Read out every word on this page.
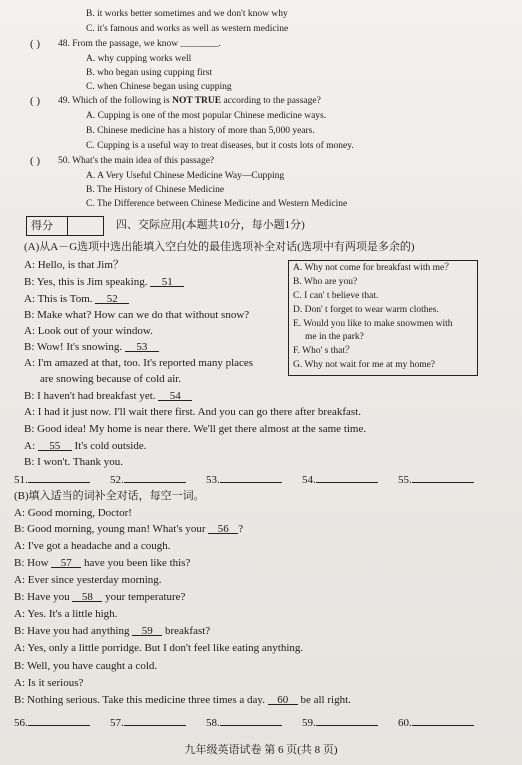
B. it works better sometimes and we don't know why
C. it's famous and works as well as western medicine
( ) 48. From the passage, we know ________.
A. why cupping works well
B. who began using cupping first
C. when Chinese began using cupping
( ) 49. Which of the following is NOT TRUE according to the passage?
A. Cupping is one of the most popular Chinese medicine ways.
B. Chinese medicine has a history of more than 5,000 years.
C. Cupping is a useful way to treat diseases, but it costs lots of money.
( ) 50. What's the main idea of this passage?
A. A Very Useful Chinese Medicine Way—Cupping
B. The History of Chinese Medicine
C. The Difference between Chinese Medicine and Western Medicine
得分	四、交际应用(本题共10分，每小题1分)
(A)从A－G选项中选出能填入空白处的最佳选项补全对话(选项中有两项是多余的)
A. Why not come for breakfast with me？
B. Who are you?
C. I can' t believe that.
D. Don' t forget to wear warm clothes.
E. Would you like to make snowmen with
me in the park?
F. Who' s that？
G. Why not wait for me at my home?
A: Hello, is that Jim？
B: Yes, this is Jim speaking. 51
A: This is Tom. 52
B: Make what? How can we do that without snow?
A: Look out of your window.
B: Wow! It's snowing. 53
A: I'm amazed at that, too. It's reported many places
are snowing because of cold air.
B: I haven't had breakfast yet. 54
A: I had it just now. I'll wait there first. And you can go there after breakfast.
B: Good idea! My home is near there. We'll get there almost at the same time.
A: 55 It's cold outside.
B: I won't. Thank you.
51.	52.	53.	54.	55.
(B)填入适当的词补全对话，每空一词。
A: Good morning, Doctor!
B: Good morning, young man! What's your 56 ?
A: I've got a headache and a cough.
B: How 57 have you been like this?
A: Ever since yesterday morning.
B: Have you 58 your temperature?
A: Yes. It's a little high.
B: Have you had anything 59 breakfast?
A: Yes, only a little porridge. But I don't feel like eating anything.
B: Well, you have caught a cold.
A: Is it serious?
B: Nothing serious. Take this medicine three times a day. 60 be all right.
56.	57.	58.	59.	60.
九年级英语试卷 第 6 页(共 8 页)
